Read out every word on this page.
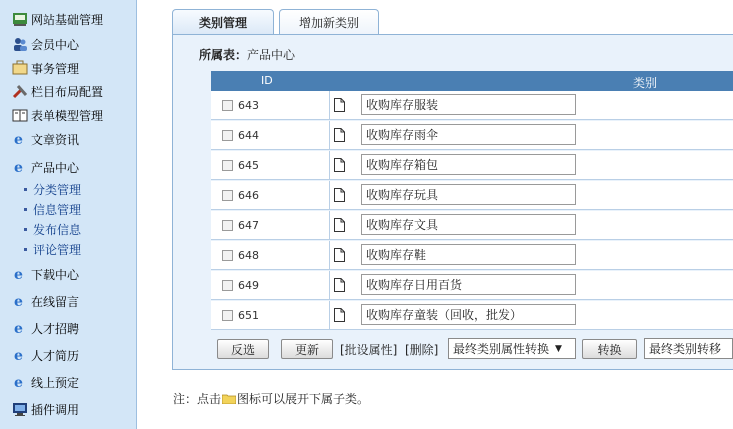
网站基础管理
会员中心
事务管理
栏目布局配置
表单模型管理
e 文章资讯
e 产品中心
分类管理
信息管理
发布信息
评论管理
e 下载中心
e 在线留言
e 人才招聘
e 人才简历
e 线上预定
插件调用
类别管理	增加新类别
所属表：产品中心
ID	类别
643	收购库存服装
644	收购库存雨伞
645	收购库存箱包
646	收购库存玩具
647	收购库存文具
648	收购库存鞋
649	收购库存日用百货
651	收购库存童装（回收，批发）
反选	更新 [批设属性] [删除] 最终类别属性转换 ▼	转换 最终类别转移
注：点击 图标可以展开下属子类。
